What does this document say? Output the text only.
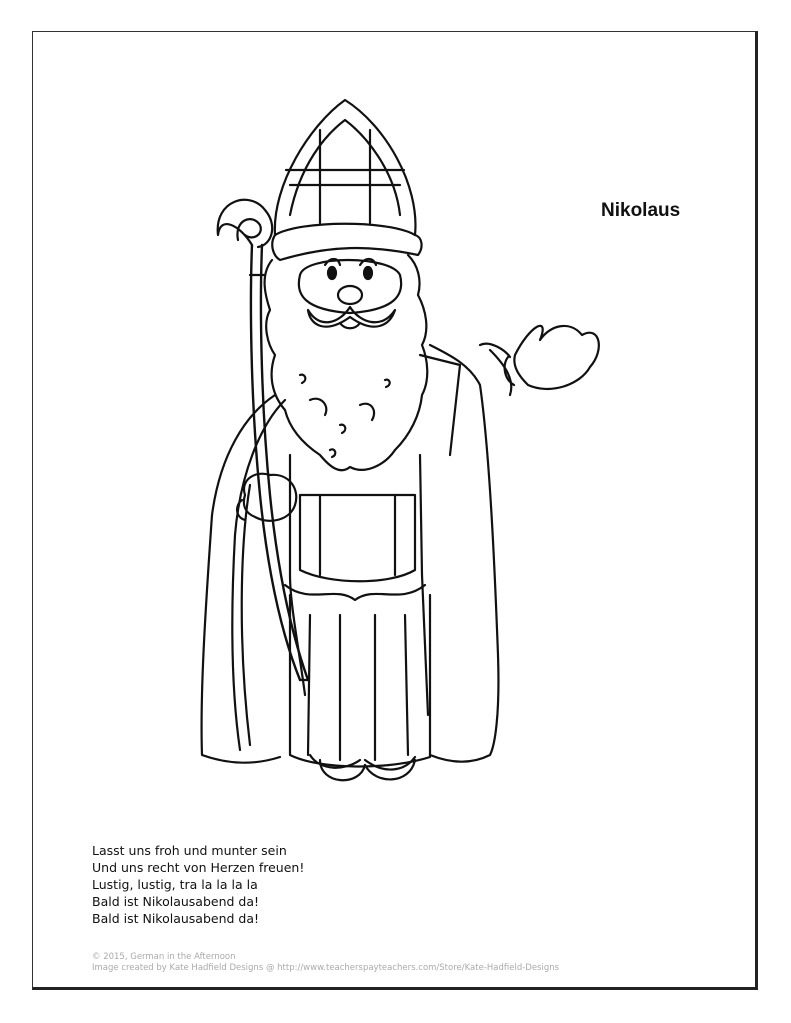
Nikolaus
Lasst uns froh und munter sein
Und uns recht von Herzen freuen!
Lustig, lustig, tra la la la la
Bald ist Nikolausabend da!
Bald ist Nikolausabend da!
© 2015, German in the Afternoon
Image created by Kate Hadfield Designs @ http://www.teacherspayteachers.com/Store/Kate-Hadfield-Designs
